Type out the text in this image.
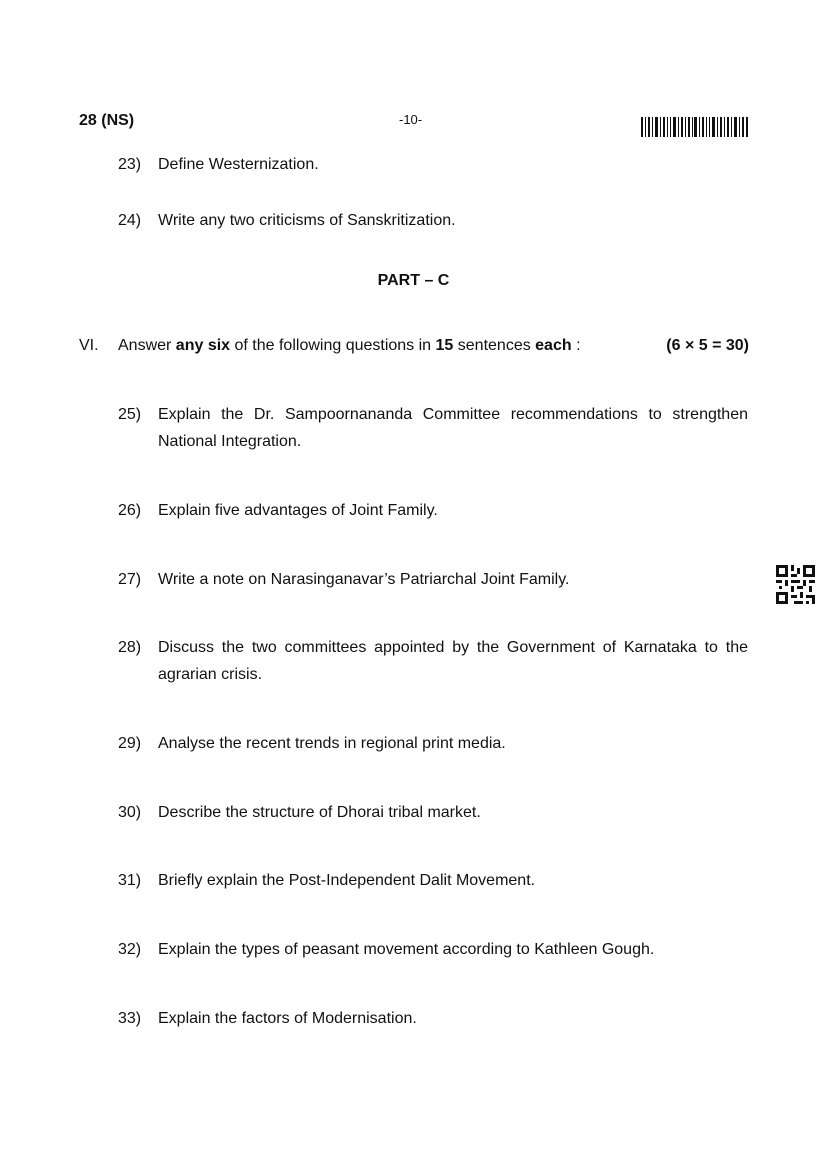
28 (NS)	-10-
23)	Define Westernization.
24)	Write any two criticisms of Sanskritization.
PART – C
VI. Answer any six of the following questions in 15 sentences each :	(6 × 5 = 30)
25)	Explain the Dr. Sampoornananda Committee recommendations to strengthen National Integration.
26)	Explain five advantages of Joint Family.
27)	Write a note on Narasinganavar’s Patriarchal Joint Family.
28)	Discuss the two committees appointed by the Government of Karnataka to the agrarian crisis.
29)	Analyse the recent trends in regional print media.
30)	Describe the structure of Dhorai tribal market.
31)	Briefly explain the Post-Independent Dalit Movement.
32)	Explain the types of peasant movement according to Kathleen Gough.
33)	Explain the factors of Modernisation.
